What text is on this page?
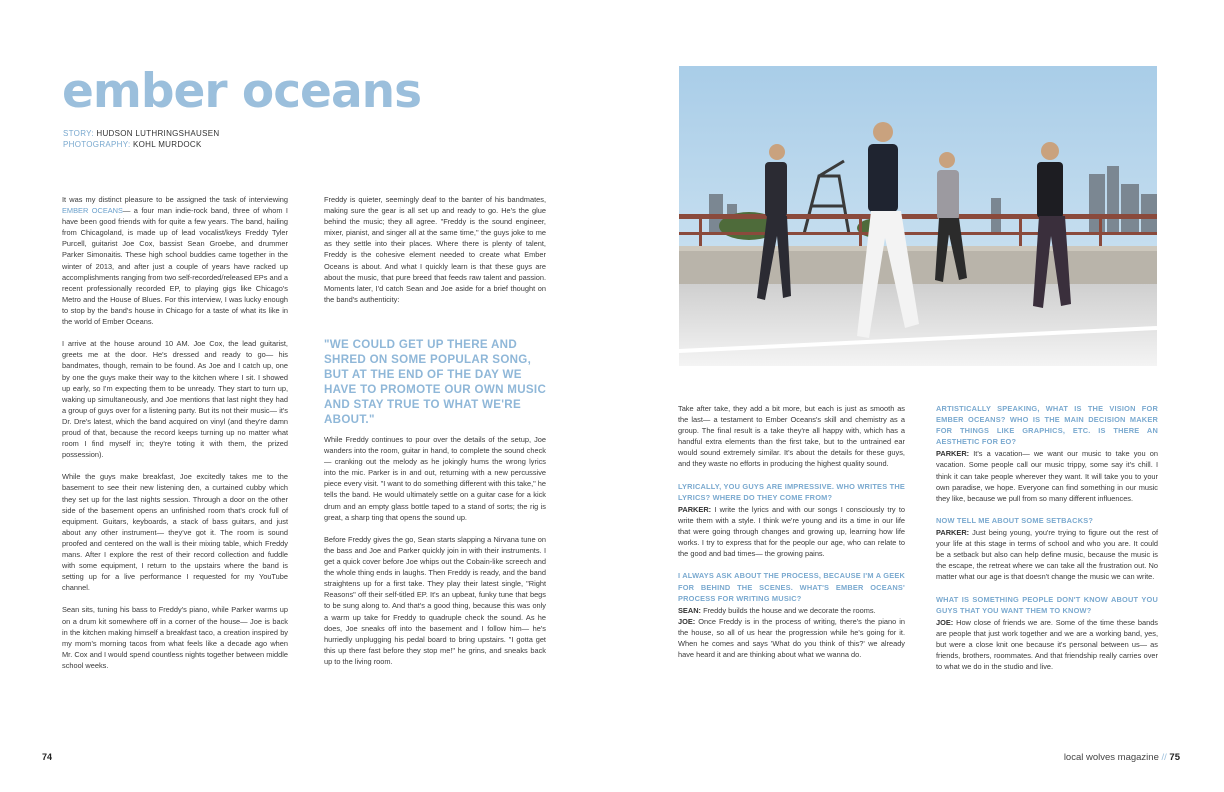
ember oceans
STORY: HUDSON LUTHRINGSHAUSEN
PHOTOGRAPHY: KOHL MURDOCK

It was my distinct pleasure to be assigned the task of interviewing EMBER OCEANS— a four man indie-rock band, three of whom I have been good friends with for quite a few years. The band, hailing from Chicagoland, is made up of lead vocalist/keys Freddy Tyler Purcell, guitarist Joe Cox, bassist Sean Groebe, and drummer Parker Simonaitis. These high school buddies came together in the winter of 2013, and after just a couple of years have racked up accomplishments ranging from two self-recorded/released EPs and a recent professionally recorded EP, to playing gigs like Chicago's Metro and the House of Blues. For this interview, I was lucky enough to stop by the band's house in Chicago for a taste of what its like in the world of Ember Oceans.

I arrive at the house around 10 AM. Joe Cox, the lead guitarist, greets me at the door. He's dressed and ready to go— his bandmates, though, remain to be found. As Joe and I catch up, one by one the guys make their way to the kitchen where I sit. I showed up early, so I'm expecting them to be unready. They start to turn up, waking up simultaneously, and Joe mentions that last night they had a group of guys over for a listening party. But its not their music— it's Dr. Dre's latest, which the band acquired on vinyl (and they're damn proud of that, because the record keeps turning up no matter what room I find myself in; they're toting it with them, the prized possession).

While the guys make breakfast, Joe excitedly takes me to the basement to see their new listening den, a curtained cubby which they set up for the last nights session. Through a door on the other side of the basement opens an unfinished room that's crock full of equipment. Guitars, keyboards, a stack of bass guitars, and just about any other instrument— they've got it. The room is sound proofed and centered on the wall is their mixing table, which Freddy mans. After I explore the rest of their record collection and fuddle with some equipment, I return to the upstairs where the band is setting up for a live performance I requested for my YouTube channel.

Sean sits, tuning his bass to Freddy's piano, while Parker warms up on a drum kit somewhere off in a corner of the house— Joe is back in the kitchen making himself a breakfast taco, a creation inspired by my mom's morning tacos from what feels like a decade ago when Mr. Cox and I would spend countless nights together between middle school weeks.

Freddy is quieter, seemingly deaf to the banter of his bandmates, making sure the gear is all set up and ready to go. He's the glue behind the music; they all agree. "Freddy is the sound engineer, mixer, pianist, and singer all at the same time," the guys joke to me as they settle into their places. Where there is plenty of talent, Freddy is the cohesive element needed to create what Ember Oceans is about. And what I quickly learn is that these guys are about the music, that pure breed that feeds raw talent and passion. Moments later, I'd catch Sean and Joe aside for a brief thought on the band's authenticity:

"WE COULD GET UP THERE AND SHRED ON SOME POPULAR SONG, BUT AT THE END OF THE DAY WE HAVE TO PROMOTE OUR OWN MUSIC AND STAY TRUE TO WHAT WE'RE ABOUT."

While Freddy continues to pour over the details of the setup, Joe wanders into the room, guitar in hand, to complete the sound check— cranking out the melody as he jokingly hums the wrong lyrics into the mic. Parker is in and out, returning with a new percussive piece every visit. "I want to do something different with this take," he tells the band. He would ultimately settle on a guitar case for a kick drum and an empty glass bottle taped to a stand of sorts; the rig is great, a sharp ting that opens the sound up.

Before Freddy gives the go, Sean starts slapping a Nirvana tune on the bass and Joe and Parker quickly join in with their instruments. I get a quick cover before Joe whips out the Cobain-like screech and the whole thing ends in laughs. Then Freddy is ready, and the band straightens up for a first take. They play their latest single, "Right Reasons" off their self-titled EP. It's an upbeat, funky tune that begs to be sung along to. And that's a good thing, because this was only a warm up take for Freddy to quadruple check the sound. As he does, Joe sneaks off into the basement and I follow him— he's hurriedly unplugging his pedal board to bring upstairs. "I gotta get this up there fast before they stop me!" he grins, and sneaks back up to the living room.

Take after take, they add a bit more, but each is just as smooth as the last— a testament to Ember Oceans's skill and chemistry as a group. The final result is a take they're all happy with, which has a handful extra elements than the first take, but to the untrained ear would sound extremely similar. It's about the details for these guys, and they waste no efforts in producing the highest quality sound.

LYRICALLY, YOU GUYS ARE IMPRESSIVE. WHO WRITES THE LYRICS? WHERE DO THEY COME FROM?

PARKER: I write the lyrics and with our songs I consciously try to write them with a style. I think we're young and its a time in our life that were going through changes and growing up, learning how life works. I try to express that for the people our age, who can relate to the good and bad times— the growing pains.

I ALWAYS ASK ABOUT THE PROCESS, BECAUSE I'M A GEEK FOR BEHIND THE SCENES. WHAT'S EMBER OCEANS' PROCESS FOR WRITING MUSIC?

SEAN: Freddy builds the house and we decorate the rooms.

JOE: Once Freddy is in the process of writing, there's the piano in the house, so all of us hear the progression while he's going for it. When he comes and says 'What do you think of this?' we already have heard it and are thinking about what we wanna do.

ARTISTICALLY SPEAKING, WHAT IS THE VISION FOR EMBER OCEANS? WHO IS THE MAIN DECISION MAKER FOR THINGS LIKE GRAPHICS, ETC. IS THERE AN AESTHETIC FOR EO?

PARKER: It's a vacation— we want our music to take you on vacation. Some people call our music trippy, some say it's chill. I think it can take people wherever they want. It will take you to your own paradise, we hope. Everyone can find something in our music they like, because we pull from so many different influences.

NOW TELL ME ABOUT SOME SETBACKS?

PARKER: Just being young, you're trying to figure out the rest of your life at this stage in terms of school and who you are. It could be a setback but also can help define music, because the music is the escape, the retreat where we can take all the frustration out. No matter what our age is that doesn't change the music we can write.

WHAT IS SOMETHING PEOPLE DON'T KNOW ABOUT YOU GUYS THAT YOU WANT THEM TO KNOW?

JOE: How close of friends we are. Some of the time these bands are people that just work together and we are a working band, yes, but were a close knit one because it's personal between us— as friends, brothers, roommates. And that friendship really carries over to what we do in the studio and live.

74	local wolves magazine // 75
